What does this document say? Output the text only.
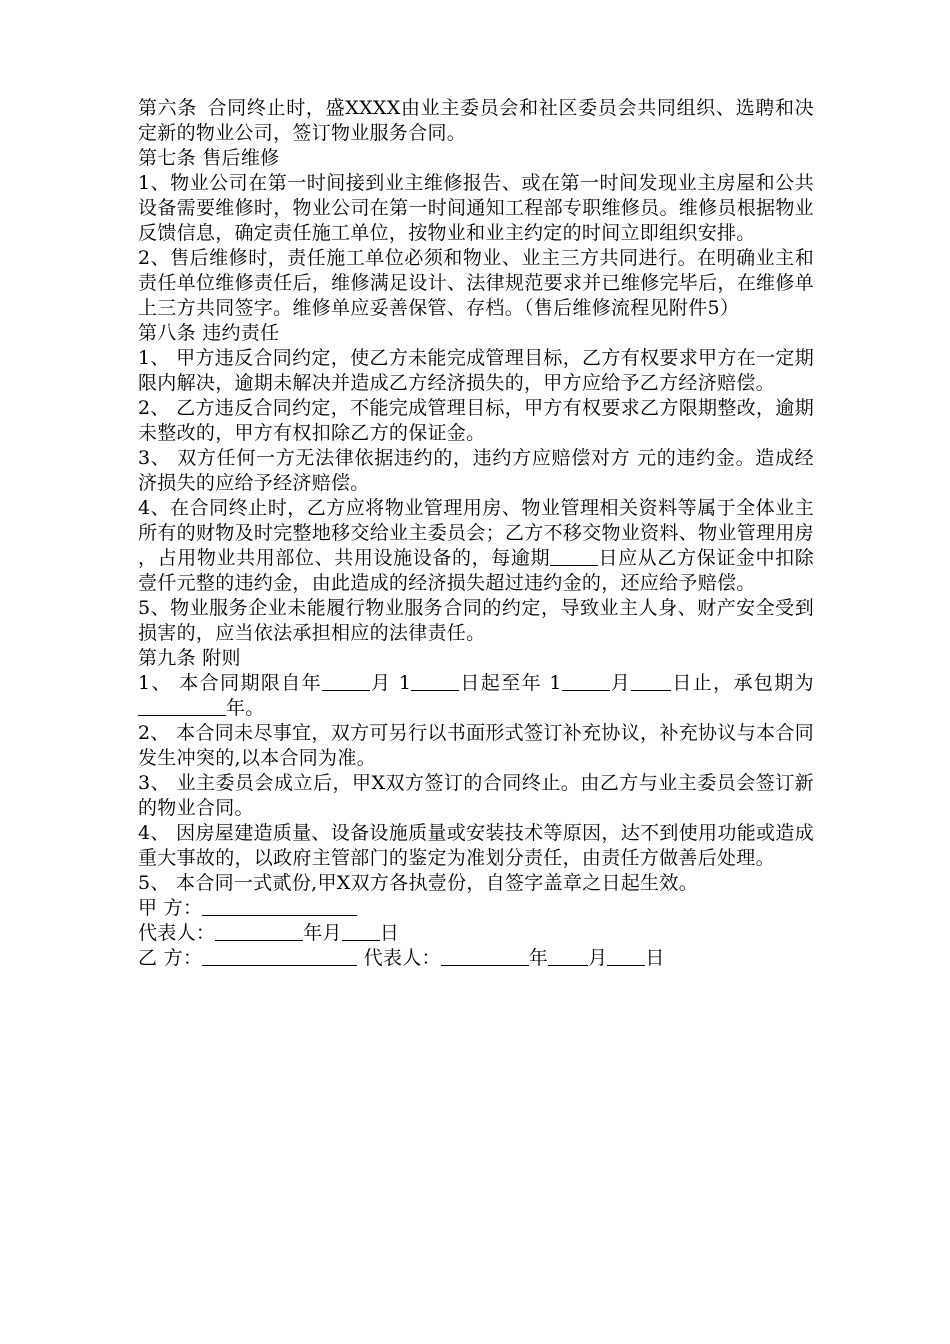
第六条 合同终止时，盛XXXX由业主委员会和社区委员会共同组织、选聘和决定新的物业公司，签订物业服务合同。

第七条 售后维修

1、物业公司在第一时间接到业主维修报告、或在第一时间发现业主房屋和公共设备需要维修时，物业公司在第一时间通知工程部专职维修员。维修员根据物业反馈信息，确定责任施工单位，按物业和业主约定的时间立即组织安排。

2、售后维修时，责任施工单位必须和物业、业主三方共同进行。在明确业主和责任单位维修责任后，维修满足设计、法律规范要求并已维修完毕后，在维修单上三方共同签字。维修单应妥善保管、存档。（售后维修流程见附件5）

第八条 违约责任

1、 甲方违反合同约定，使乙方未能完成管理目标，乙方有权要求甲方在一定期限内解决，逾期未解决并造成乙方经济损失的，甲方应给予乙方经济赔偿。

2、 乙方违反合同约定，不能完成管理目标，甲方有权要求乙方限期整改，逾期未整改的，甲方有权扣除乙方的保证金。

3、 双方任何一方无法律依据违约的，违约方应赔偿对方 元的违约金。造成经济损失的应给予经济赔偿。

4、在合同终止时，乙方应将物业管理用房、物业管理相关资料等属于全体业主所有的财物及时完整地移交给业主委员会；乙方不移交物业资料、物业管理用房，占用物业共用部位、共用设施设备的，每逾期	日应从乙方保证金中扣除壹仟元整的违约金，由此造成的经济损失超过违约金的，还应给予赔偿。

5、物业服务企业未能履行物业服务合同的约定，导致业主人身、财产安全受到损害的，应当依法承担相应的法律责任。

第九条 附则

1、 本合同期限自年	月 1	日起至年 1	月 日止，承包期为年。

2、 本合同未尽事宜，双方可另行以书面形式签订补充协议，补充协议与本合同发生冲突的,以本合同为准。

3、 业主委员会成立后，甲X双方签订的合同终止。由乙方与业主委员会签订新的物业合同。

4、 因房屋建造质量、设备设施质量或安装技术等原因，达不到使用功能或造成重大事故的，以政府主管部门的鉴定为准划分责任，由责任方做善后处理。

5、 本合同一式贰份,甲X双方各执壹份，自签字盖章之日起生效。

甲 方：

代表人：	年月 日

乙 方：	代表人：	年 月 日
